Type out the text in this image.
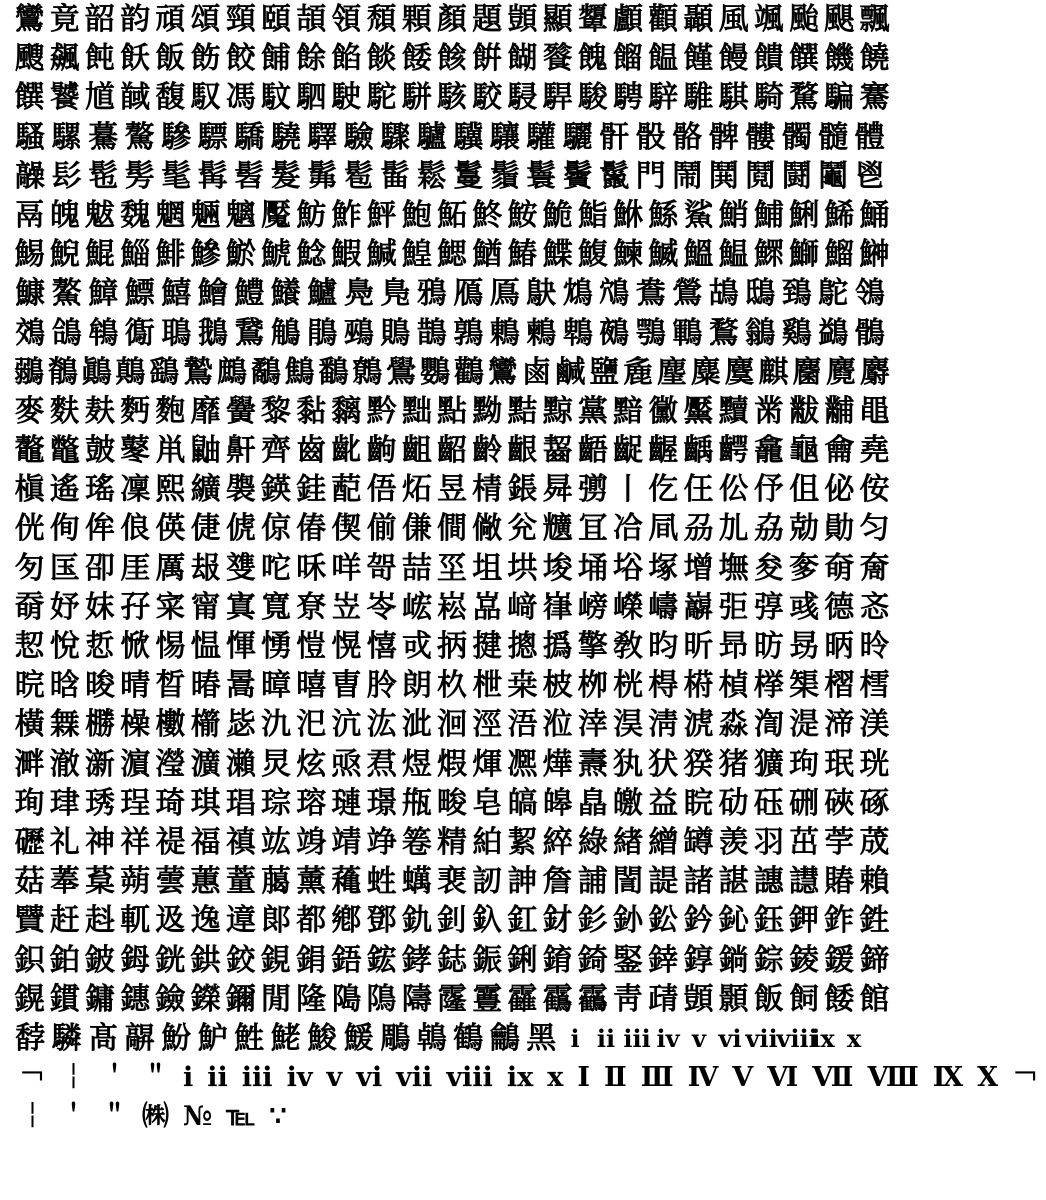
鸞 竟 韶 韵 頑 頌 頸 頤 頡 領 頹 顆 顏 題 顗 顯 顰 顱 顴 顳 風 颯 颱 颶 飄
颼 飆 飩 飫 飯 飭 餃 餔 餘 餡 餤 餧 餩 餠 餬 餮 餽 餾 饂 饉 饅 饋 饌 饑 饒
饌 饕 馗 馘 馥 馭 馮 馼 駟 駛 駝 駢 駭 駮 駸 駻 駿 騁 騂 騅 騏 騎 騖 騙 騫
騷 騾 驀 驁 驂 驃 驕 驍 驛 驗 驟 驢 驥 驤 驩 驪 骭 骰 骼 髀 髏 髑 髓 體
髞 髟 髢 髣 髦 髯 髫 髮 髴 髱 髷 鬆 鬘 鬚 鬟 鬢 鬣 門 鬧 鬨 鬩 鬪 鬮 鬯
鬲 魄 魃 魏 魍 魎 魑 魘 魴 鮓 鮃 鮑 鮖 鮗 鮟 鮠 鮨 鮴 鯀 鯊 鮹 鯆 鯏 鯑 鯒
鯣 鯢 鯤 鯔 鯡 鰺 鯲 鯱 鯰 鰕 鰔 鰉 鰓 鰌 鰆 鰈 鰒 鰊 鰄 鰮 鰛 鰥 鰤 鰡 鰰
鱇 鰲 鱆 鰾 鱚 鱠 鱧 鱶 鱸 鳧 鳬 鴉 鴈 鳫 鴃 鴆 鴪 鴦 鶯 鴣 鴟 鵄 鴕 鴒
鵁 鴿 鴾 鵆 鵈 鵝 鵞 鵤 鵑 鵐 鵙 鵲 鶉 鶇 鶫 鵯 鵺 鶚 鶤 鶩 鶲 鷄 鷁 鶻
鶸 鶺 鷆 鷏 鷂 鷙 鷓 鷸 鷦 鷭 鷯 鷽 鸚 鸛 鸞 鹵 鹹 鹽 麁 麈 麋 麌 麒 麕 麑 麝
麥 麩 麸 麪 麭 靡 黌 黎 黏 黐 黔 黜 點 黝 黠 黥 黨 黯 黴 黶 黷 黹 黻 黼 黽
鼇 鼈 皷 鼕 鼡 鼬 鼾 齊 齒 齔 齣 齟 齠 齡 齦 齧 齬 齪 齷 齲 齶 龕 龜 龠 堯
槇 遙 瑤 凜 熙 纊 褜 鍈 銈 蓜 俉 炻 昱 棈 鋹 曻 彅 丨 仡 仼 伀 伃 伹 佖 侒
侊 侚 侔 俍 偀 倢 俿 倞 偆 偰 偂 傔 僴 僘 兊 兤 冝 冾 凬 刕 劜 劦 勀 勛 匀
匇 匤 卲 厓 厲 叝 﨎 咜 咊 咩 哿 喆 坙 坥 垬 埈 埇 﨏 塚 增 墲 夋 奓 奛 奝
奣 妤 妺 孖 寀 甯 寘 寬 尞 岦 岺 峵 崧 嵓 﨑 嵂 嵭 嶸 嶹 巐 弡 弴 彧 德 忞
恝 悅 悊 惞 惕 愠 惲 愑 愷 愰 憘 戓 抦 揵 摠 撝 擎 敎 昀 昕 昻 昉 昮 昞 昤
晥 晗 晙 晴 晳 暙 暠 暲 暿 曺 朎 朗 杦 枻 桒 柀 栁 桄 棏 﨓 楨 﨔 榘 槢 樰
橫 橆 橳 橾 櫢 櫤 毖 氿 汜 沆 汯 泚 洄 涇 浯 涖 涬 淏 淸 淲 淼 渹 湜 渧 渼
溿 澈 澵 濵 瀅 瀇 瀨 炅 炫 焏 焄 煜 煆 煇 凞 燁 燾 犱 犾 猤 猪 獷 玽 珉 珖
珣 珒 琇 珵 琦 琪 琩 琮 瑢 璉 璟 甁 畯 皂 皜 皞 皛 皦 益 睆 劯 砡 硎 硤 硺
礰 礼 神 祥 禔 福 禛 竑 竧 靖 竫 箞 精 絈 絜 綷 綠 緖 繒 罇 羡 羽 茁 荢 荿
菇 菶 葈 蒴 蕓 蕙 蕫 﨟 薰 蘒 﨡 蠇 裵 訒 訷 詹 誧 誾 諟 諸 諶 譓 譿 賰 賴
贒 赶 﨣 軏 﨤 逸 遧 郞 都 鄕 鄧 釚 釗 釞 釭 釮 釤 釥 鈆 鈐 鈊 鈺 鉀 鈼 鉎
鉙 鉑 鈹 鉧 銧 鉷 鉸 鋧 鋗 鋙 鋐 﨧 鋕 鋠 鋓 錥 錡 鋻 﨨 錞 鋿 錝 錂 鍰 鍗
鎤 鏆 鏞 鏸 鐱 鑅 鑈 閒 隆 﨩 隝 隯 霳 霻 靃 靍 靏 靑 靕 顗 顥 飯 飼 餧 館
馞 驎 髙 髜 魵 魲 鮏 鮱 鮻 鰀 鵰 鵫 鶴 鸙 黑 ⅰ ⅱ ⅲ ⅳ ⅴ ⅵ ⅶ
ⅷ
ⅸ ⅹ
￢ ￤ ＇ ＂ ⅰ ⅱ ⅲ ⅳ ⅴ ⅵ ⅶ ⅷ ⅸ ⅹ Ⅰ Ⅱ Ⅲ Ⅳ Ⅴ Ⅵ Ⅶ Ⅷ Ⅸ Ⅹ ￢
￤ ＇ ＂ ㈱ № ℡ ∵
